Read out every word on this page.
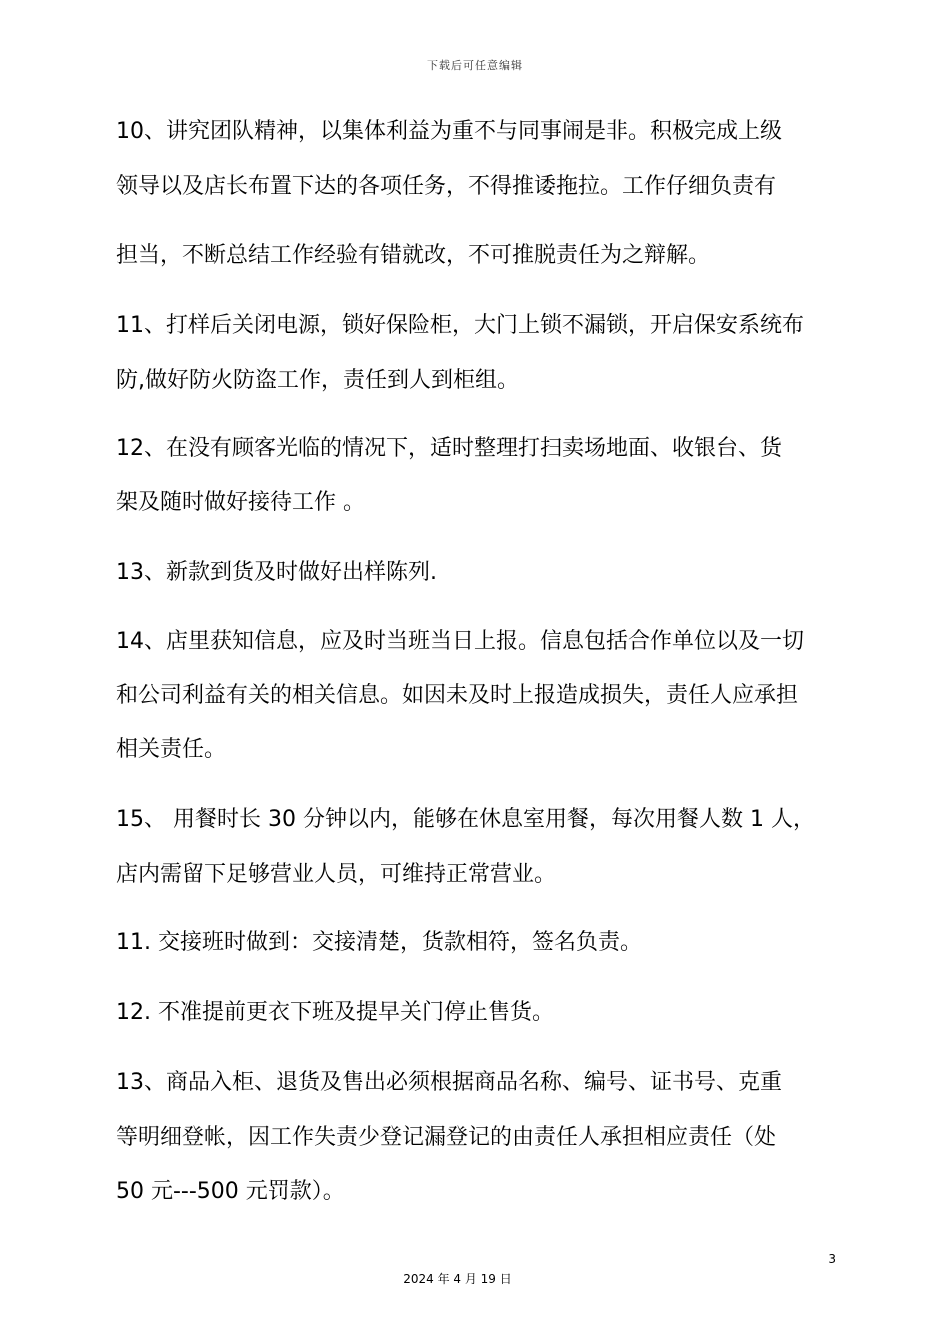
下载后可任意编辑
10、讲究团队精神，以集体利益为重不与同事闹是非。积极完成上级
领导以及店长布置下达的各项任务，不得推诿拖拉。工作仔细负责有
担当，不断总结工作经验有错就改，不可推脱责任为之辩解。
11、打样后关闭电源，锁好保险柜，大门上锁不漏锁，开启保安系统布
防,做好防火防盗工作，责任到人到柜组。
12、在没有顾客光临的情况下，适时整理打扫卖场地面、收银台、货
架及随时做好接待工作 。
13、新款到货及时做好出样陈列.
14、店里获知信息，应及时当班当日上报。信息包括合作单位以及一切
和公司利益有关的相关信息。如因未及时上报造成损失，责任人应承担
相关责任。
15、 用餐时长 30 分钟以内，能够在休息室用餐，每次用餐人数 1 人，
店内需留下足够营业人员，可维持正常营业。
11. 交接班时做到：交接清楚，货款相符，签名负责。
12. 不准提前更衣下班及提早关门停止售货。
13、商品入柜、退货及售出必须根据商品名称、编号、证书号、克重
等明细登帐，因工作失责少登记漏登记的由责任人承担相应责任（处
50 元---500 元罚款）。
3
2024 年 4 月 19 日
